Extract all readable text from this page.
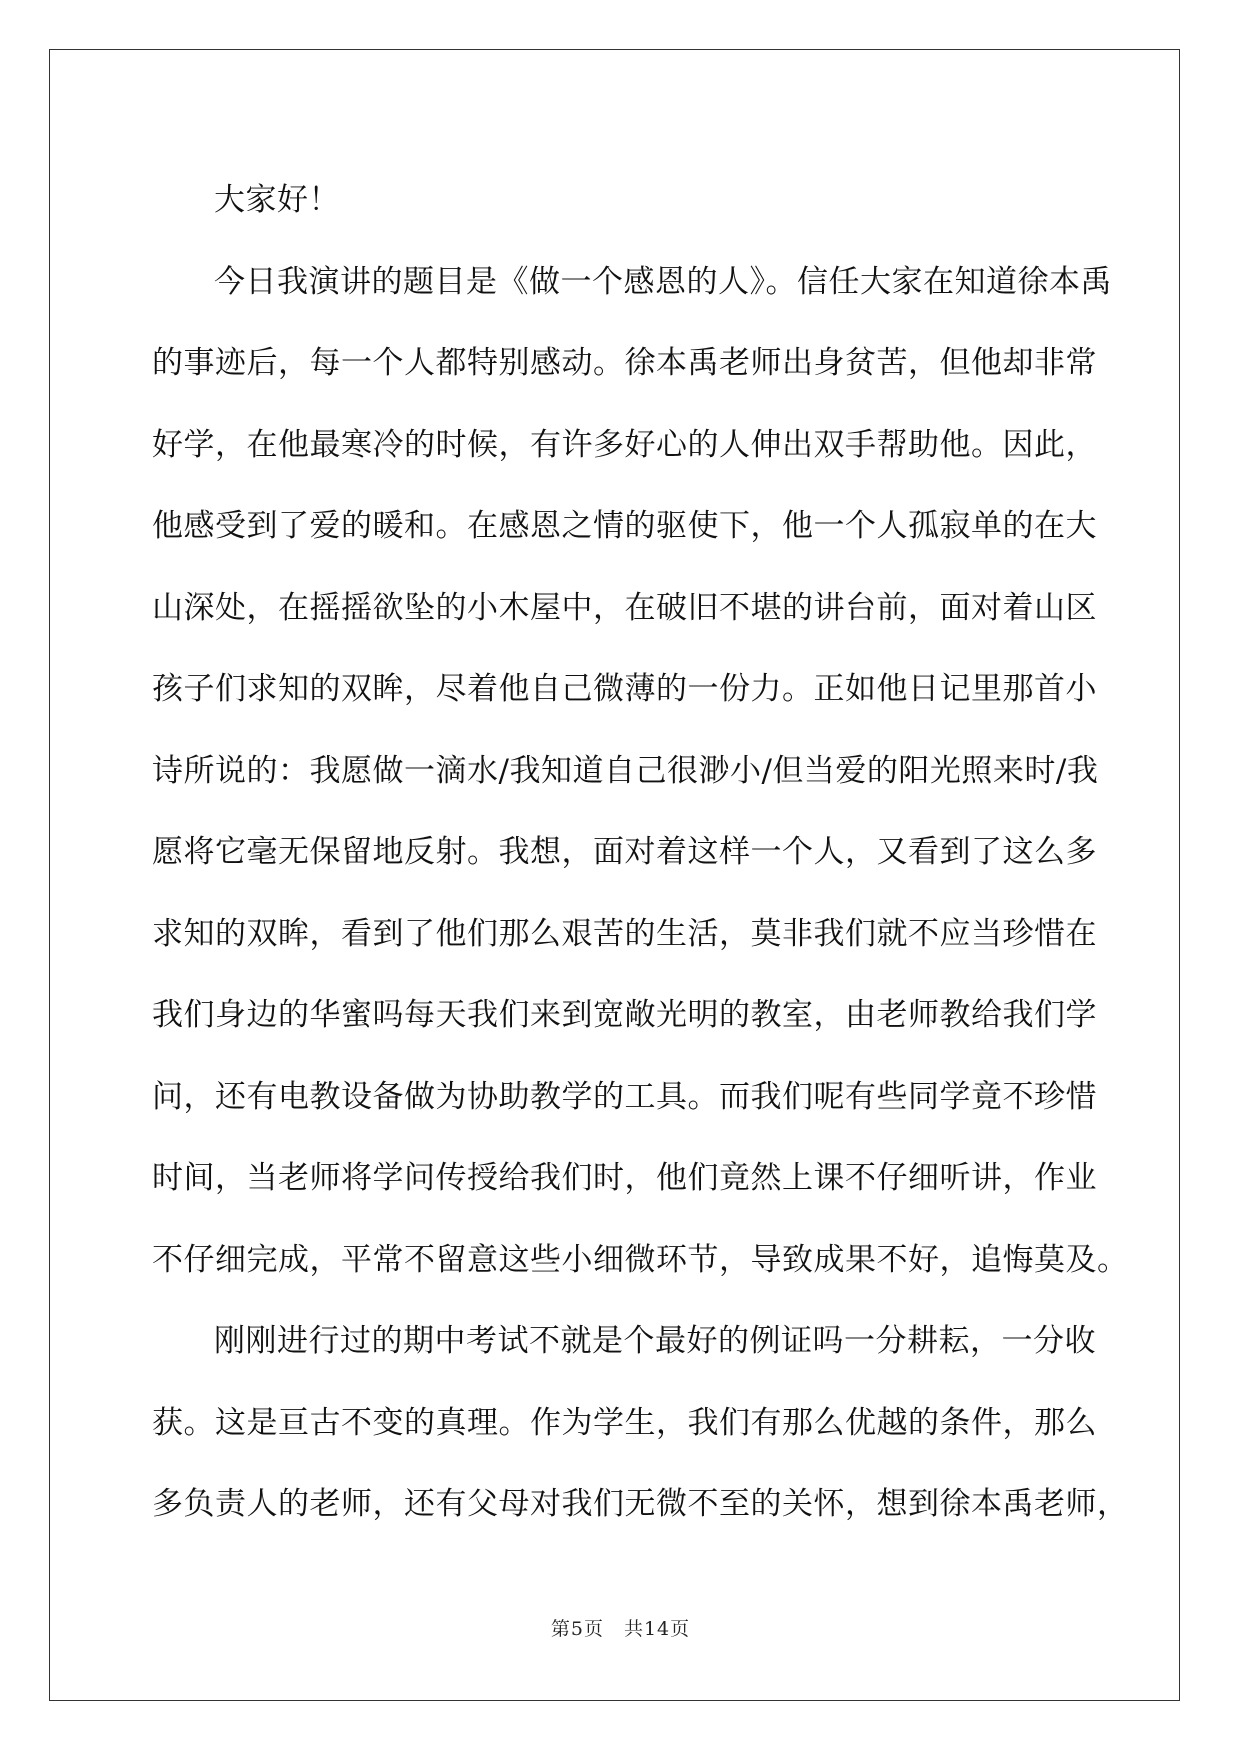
大家好！
今日我演讲的题目是《做一个感恩的人》。信任大家在知道徐本禹
的事迹后，每一个人都特别感动。徐本禹老师出身贫苦，但他却非常
好学，在他最寒冷的时候，有许多好心的人伸出双手帮助他。因此，
他感受到了爱的暖和。在感恩之情的驱使下，他一个人孤寂单的在大
山深处，在摇摇欲坠的小木屋中，在破旧不堪的讲台前，面对着山区
孩子们求知的双眸，尽着他自己微薄的一份力。正如他日记里那首小
诗所说的：我愿做一滴水/我知道自己很渺小/但当爱的阳光照来时/我
愿将它毫无保留地反射。我想，面对着这样一个人，又看到了这么多
求知的双眸，看到了他们那么艰苦的生活，莫非我们就不应当珍惜在
我们身边的华蜜吗每天我们来到宽敞光明的教室，由老师教给我们学
问，还有电教设备做为协助教学的工具。而我们呢有些同学竟不珍惜
时间，当老师将学问传授给我们时，他们竟然上课不仔细听讲，作业
不仔细完成，平常不留意这些小细微环节，导致成果不好，追悔莫及。
刚刚进行过的期中考试不就是个最好的例证吗一分耕耘，一分收
获。这是亘古不变的真理。作为学生，我们有那么优越的条件，那么
多负责人的老师，还有父母对我们无微不至的关怀，想到徐本禹老师，
第5页 共14页
